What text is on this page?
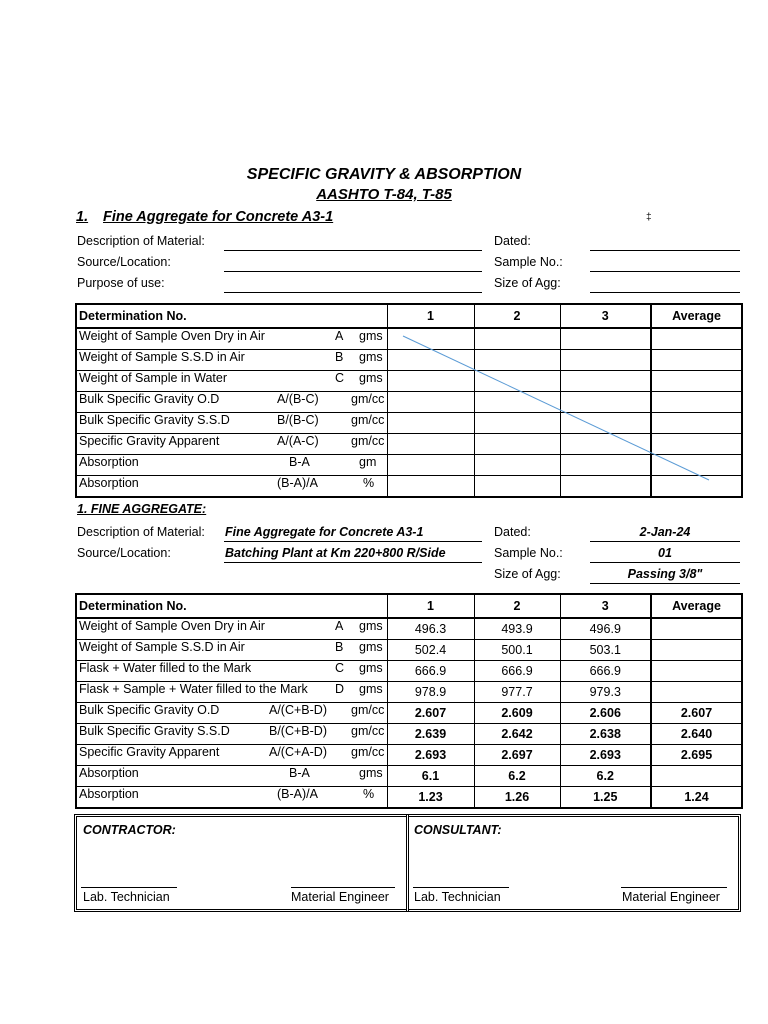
SPECIFIC GRAVITY & ABSORPTION
AASHTO T-84, T-85
1. Fine Aggregate for Concrete A3-1	‡
Description of Material:
Source/Location:
Purpose of use:
Dated:
Sample No.:
Size of Agg:
Determination No.	1	2	3	Average

Weight of Sample Oven Dry in Air A gms				

Weight of Sample S.S.D in Air B gms				

Weight of Sample in Water C gms				

Bulk Specific Gravity O.D A/(B-C) gm/cc				

Bulk Specific Gravity S.S.D B/(B-C) gm/cc				

Specific Gravity Apparent A/(A-C) gm/cc				

Absorption B-A gm				

Absorption (B-A)/A %				

1. FINE AGGREGATE:
Description of Material: Fine Aggregate for Concrete A3-1
Source/Location:	Batching Plant at Km 220+800 R/Side
Dated:	2-Jan-24
Sample No.:	01
Size of Agg:	Passing 3/8"
Determination No.	1	2	3	Average

Weight of Sample Oven Dry in Air A gms	496.3	493.9	496.9	

Weight of Sample S.S.D in Air B gms	502.4	500.1	503.1	

Flask + Water filled to the Mark C gms	666.9	666.9	666.9	

Flask + Sample + Water filled to the Mark D gms	978.9	977.7	979.3	

Bulk Specific Gravity O.D A/(C+B-D) gm/cc	2.607	2.609	2.606	2.607

Bulk Specific Gravity S.S.D B/(C+B-D) gm/cc	2.639	2.642	2.638	2.640

Specific Gravity Apparent A/(C+A-D) gm/cc	2.693	2.697	2.693	2.695

Absorption B-A gms	6.1	6.2	6.2	

Absorption (B-A)/A %	1.23	1.26	1.25	1.24
CONTRACTOR:
Lab. Technician	Material Engineer
CONSULTANT:
Lab. Technician	Material Engineer
